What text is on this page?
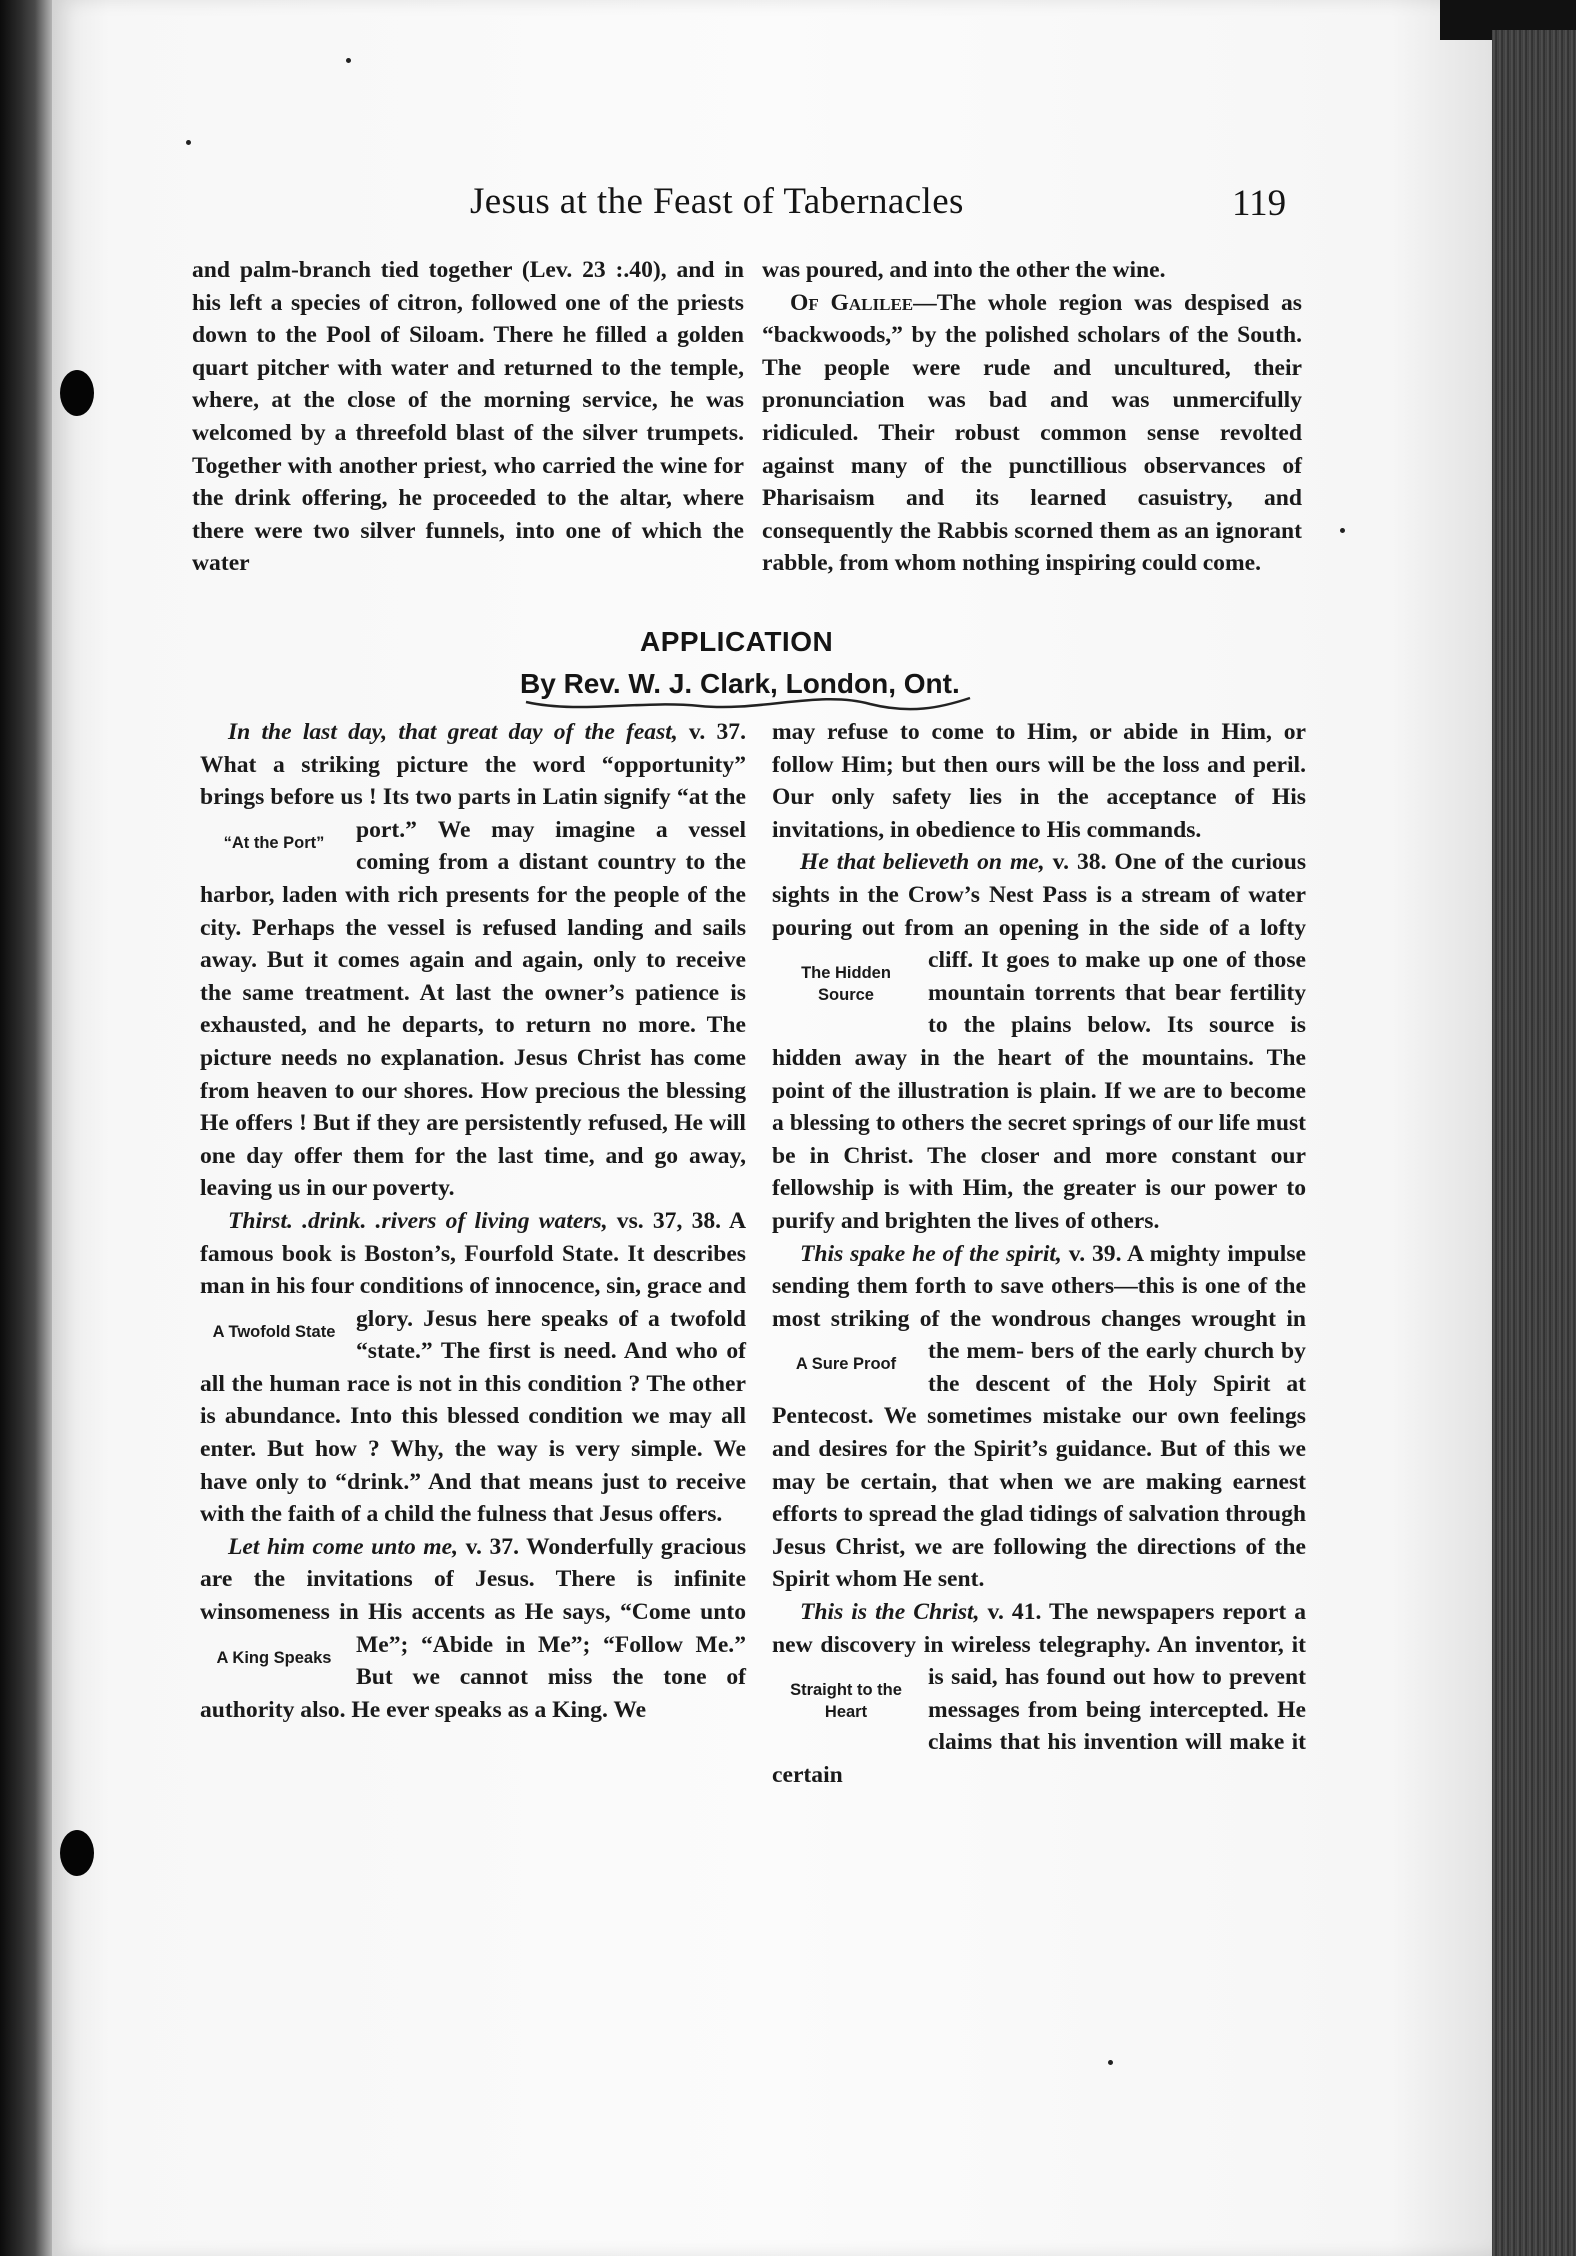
Jesus at the Feast of Tabernacles	119

and palm-branch tied together (Lev. 23 :.40), and in his left a species of citron, followed one of the priests down to the Pool of Siloam. There he filled a golden quart pitcher with water and returned to the temple, where, at the close of the morning service, he was welcomed by a threefold blast of the silver trumpets. Together with another priest, who carried the wine for the drink offering, he proceeded to the altar, where there were two silver funnels, into one of which the water

was poured, and into the other the wine.

Of Galilee—The whole region was despised as “backwoods,” by the polished scholars of the South. The people were rude and uncultured, their pronunciation was bad and was unmercifully ridiculed. Their robust common sense revolted against many of the punctillious observances of Pharisaism and its learned casuistry, and consequently the Rabbis scorned them as an ignorant rabble, from whom nothing inspiring could come.

APPLICATION
By Rev. W. J. Clark, London, Ont.

In the last day, that great day of the feast, v. 37. What a striking picture the word “opportunity” brings before us ! Its two parts in Latin signify “at the port.”
“At the Port”	We may imagine a vessel coming from a distant country to the harbor, laden with rich presents for the people of the city. Perhaps the vessel is refused landing and sails away. But it comes again and again, only to receive the same treatment. At last the owner’s patience is exhausted, and he departs, to return no more. The picture needs no explanation. Jesus Christ has come from heaven to our shores. How precious the blessing He offers ! But if they are persistently refused, He will one day offer them for the last time, and go away, leaving us in our poverty.

Thirst. .drink. .rivers of living waters, vs. 37, 38. A famous book is Boston’s, Fourfold State. It describes man in his four conditions of innocence, sin, grace
A Twofold State
and glory. Jesus here speaks of a twofold “state.” The first is need. And who of all the human race is not in this condition ? The other is abundance. Into this blessed condition we may all enter. But how ? Why, the way is very simple. We have only to “drink.” And that means just to receive with the faith of a child the fulness that Jesus offers.

Let him come unto me, v. 37. Wonderfully gracious are the invitations of Jesus. There is infinite winsomeness in His accents as He says, “Come unto Me”; “Abide
A King Speaks	in Me”; “Follow Me.” But we cannot miss the tone of authority also. He ever speaks as a King. We

may refuse to come to Him, or abide in Him, or follow Him; but then ours will be the loss and peril. Our only safety lies in the acceptance of His invitations, in obedience to His commands.

He that believeth on me, v. 38. One of the curious sights in the Crow’s Nest Pass is a stream of water pouring out from an opening in the side of a lofty cliff. It
The Hidden Source
goes to make up one of those mountain torrents that bear fertility to the plains below. Its source is hidden away in the heart of the mountains. The point of the illustration is plain. If we are to become a blessing to others the secret springs of our life must be in Christ. The closer and more constant our fellowship is with Him, the greater is our power to purify and brighten the lives of others.

This spake he of the spirit, v. 39. A mighty impulse sending them forth to save others—this is one of the most striking of the wondrous changes wrought in the mem-
A Sure Proof	bers of the early church by the descent of the Holy Spirit at Pentecost. We sometimes mistake our own feelings and desires for the Spirit’s guidance. But of this we may be certain, that when we are making earnest efforts to spread the glad tidings of salvation through Jesus Christ, we are following the directions of the Spirit whom He sent.

This is the Christ, v. 41. The newspapers report a new discovery in wireless telegraphy. An inventor, it is said, has found
Straight to the Heart
out how to prevent messages from being intercepted. He claims that his invention will make it certain
